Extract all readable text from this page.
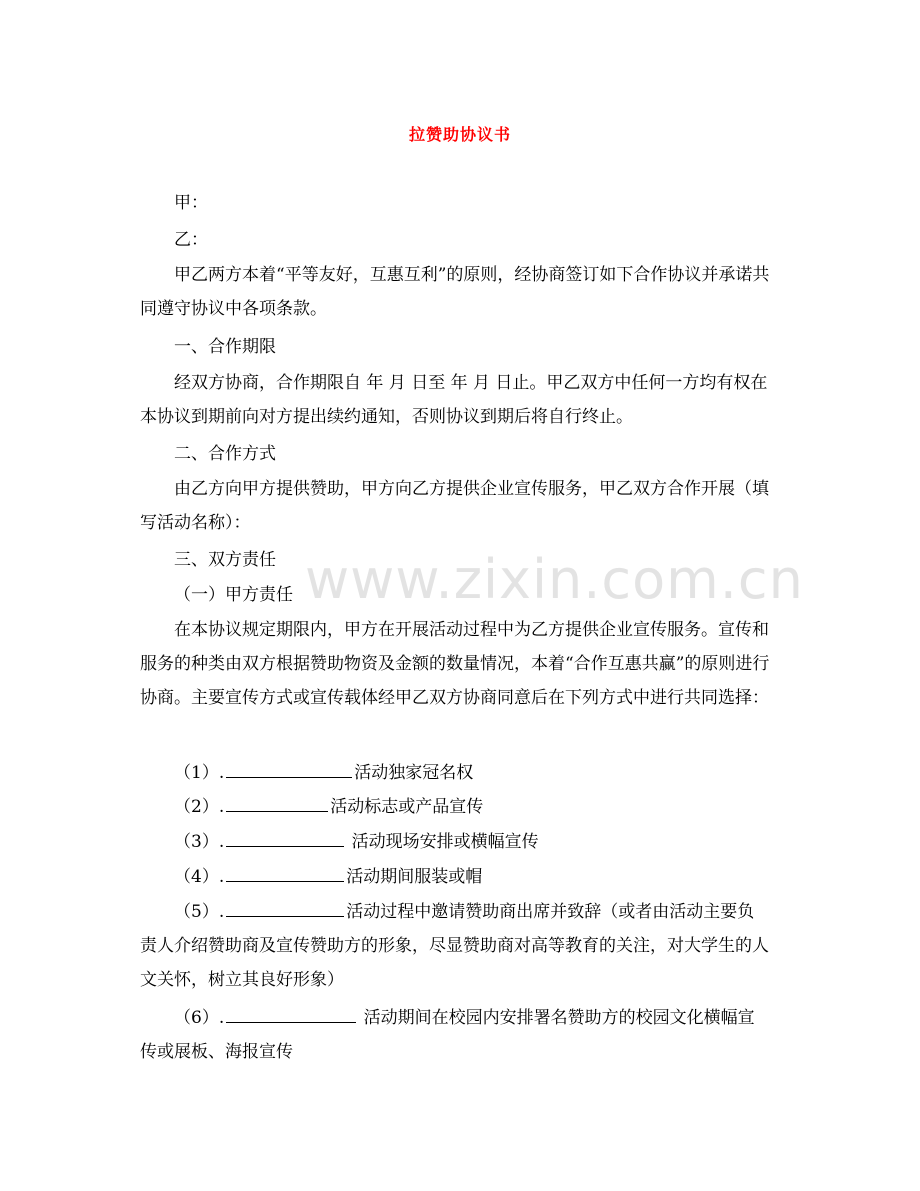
www.zixin.com.cn
拉赞助协议书

甲：

乙：

甲乙两方本着“平等友好，互惠互利”的原则，经协商签订如下合作协议并承诺共同遵守协议中各项条款。

一、合作期限

经双方协商，合作期限自 年 月 日至 年 月 日止。甲乙双方中任何一方均有权在本协议到期前向对方提出续约通知，否则协议到期后将自行终止。

二、合作方式

由乙方向甲方提供赞助，甲方向乙方提供企业宣传服务，甲乙双方合作开展（填写活动名称）：

三、双方责任

（一）甲方责任

在本协议规定期限内，甲方在开展活动过程中为乙方提供企业宣传服务。宣传和服务的种类由双方根据赞助物资及金额的数量情况，本着“合作互惠共赢”的原则进行协商。主要宣传方式或宣传载体经甲乙双方协商同意后在下列方式中进行共同选择：

（1）.	活动独家冠名权

（2）.	活动标志或产品宣传

（3）.	活动现场安排或横幅宣传

（4）.	活动期间服装或帽

（5）.	活动过程中邀请赞助商出席并致辞（或者由活动主要负责人介绍赞助商及宣传赞助方的形象，尽显赞助商对高等教育的关注，对大学生的人文关怀，树立其良好形象）

（6）.	活动期间在校园内安排署名赞助方的校园文化横幅宣传或展板、海报宣传
